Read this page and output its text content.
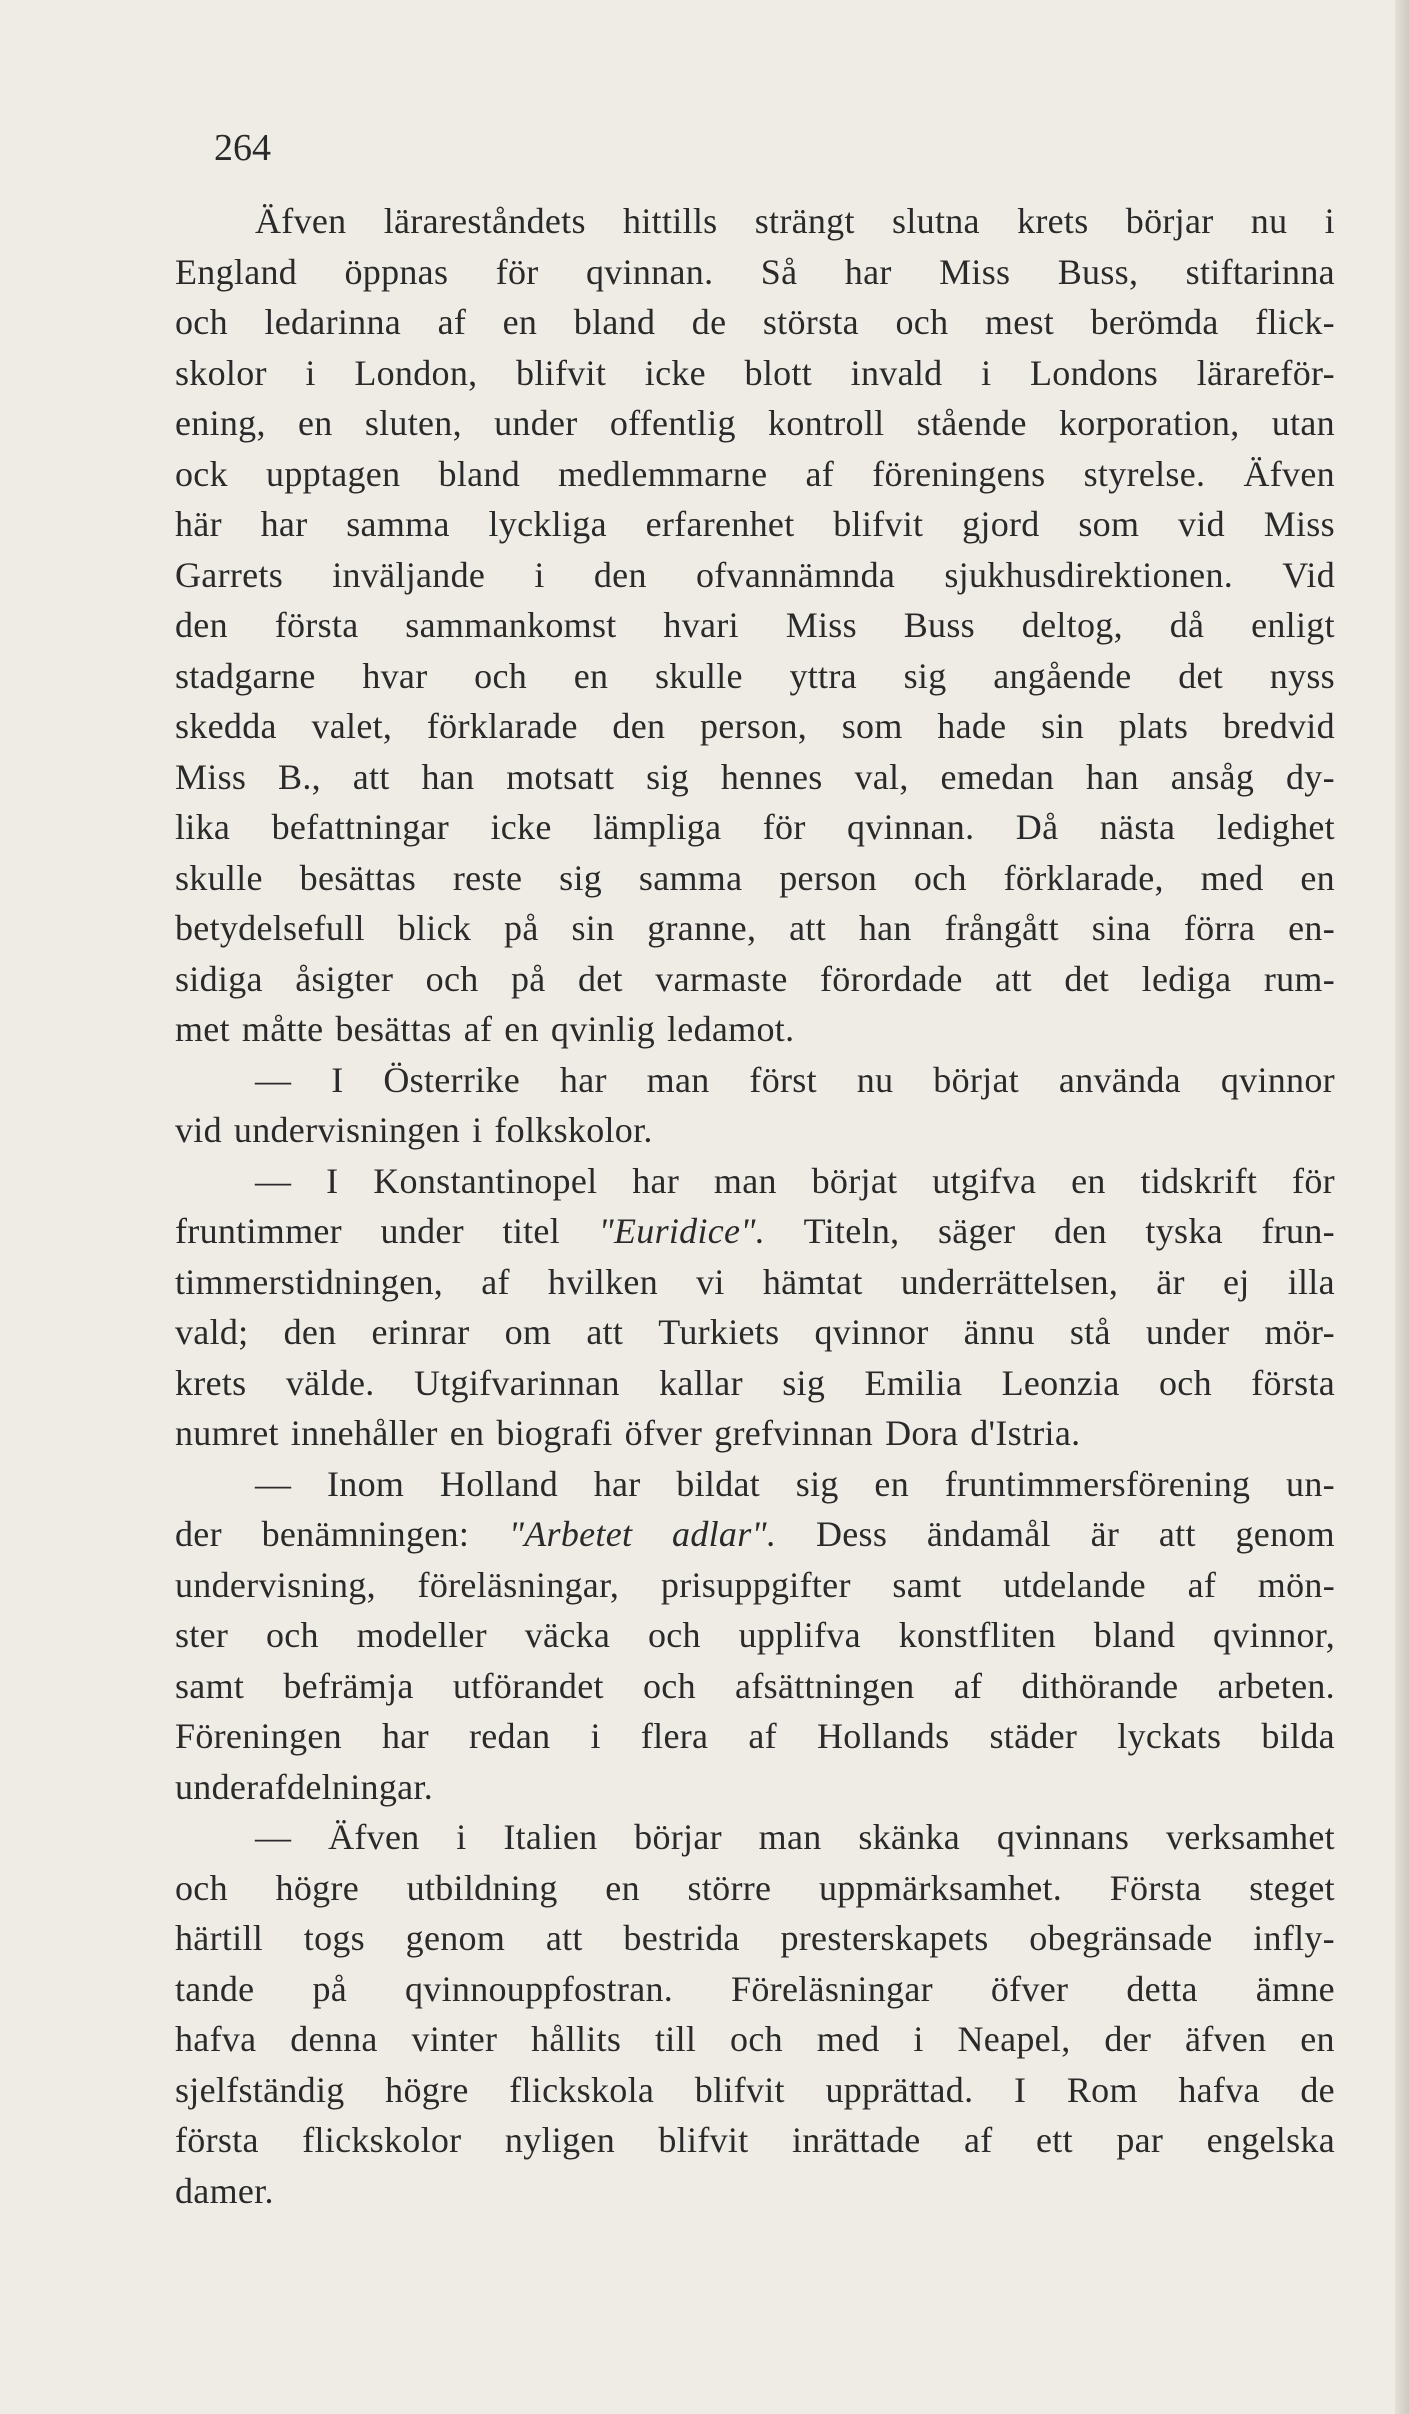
264

Äfven lärareståndets hittills strängt slutna krets börjar nu i
England öppnas för qvinnan. Så har Miss Buss, stiftarinna
och ledarinna af en bland de största och mest berömda flick-
skolor i London, blifvit icke blott invald i Londons lärareför-
ening, en sluten, under offentlig kontroll stående korporation, utan
ock upptagen bland medlemmarne af föreningens styrelse. Äfven
här har samma lyckliga erfarenhet blifvit gjord som vid Miss
Garrets inväljande i den ofvannämnda sjukhusdirektionen. Vid
den första sammankomst hvari Miss Buss deltog, då enligt
stadgarne hvar och en skulle yttra sig angående det nyss
skedda valet, förklarade den person, som hade sin plats bredvid
Miss B., att han motsatt sig hennes val, emedan han ansåg dy-
lika befattningar icke lämpliga för qvinnan. Då nästa ledighet
skulle besättas reste sig samma person och förklarade, med en
betydelsefull blick på sin granne, att han frångått sina förra en-
sidiga åsigter och på det varmaste förordade att det lediga rum-
met måtte besättas af en qvinlig ledamot.
— I Österrike har man först nu börjat använda qvinnor
vid undervisningen i folkskolor.
— I Konstantinopel har man börjat utgifva en tidskrift för
fruntimmer under titel "Euridice". Titeln, säger den tyska frun-
timmerstidningen, af hvilken vi hämtat underrättelsen, är ej illa
vald; den erinrar om att Turkiets qvinnor ännu stå under mör-
krets välde. Utgifvarinnan kallar sig Emilia Leonzia och första
numret innehåller en biografi öfver grefvinnan Dora d'Istria.
— Inom Holland har bildat sig en fruntimmersförening un-
der benämningen: "Arbetet adlar". Dess ändamål är att genom
undervisning, föreläsningar, prisuppgifter samt utdelande af mön-
ster och modeller väcka och upplifva konstfliten bland qvinnor,
samt befrämja utförandet och afsättningen af dithörande arbeten.
Föreningen har redan i flera af Hollands städer lyckats bilda
underafdelningar.
— Äfven i Italien börjar man skänka qvinnans verksamhet
och högre utbildning en större uppmärksamhet. Första steget
härtill togs genom att bestrida presterskapets obegränsade infly-
tande på qvinnouppfostran. Föreläsningar öfver detta ämne
hafva denna vinter hållits till och med i Neapel, der äfven en
sjelfständig högre flickskola blifvit upprättad. I Rom hafva de
första flickskolor nyligen blifvit inrättade af ett par engelska
damer.
